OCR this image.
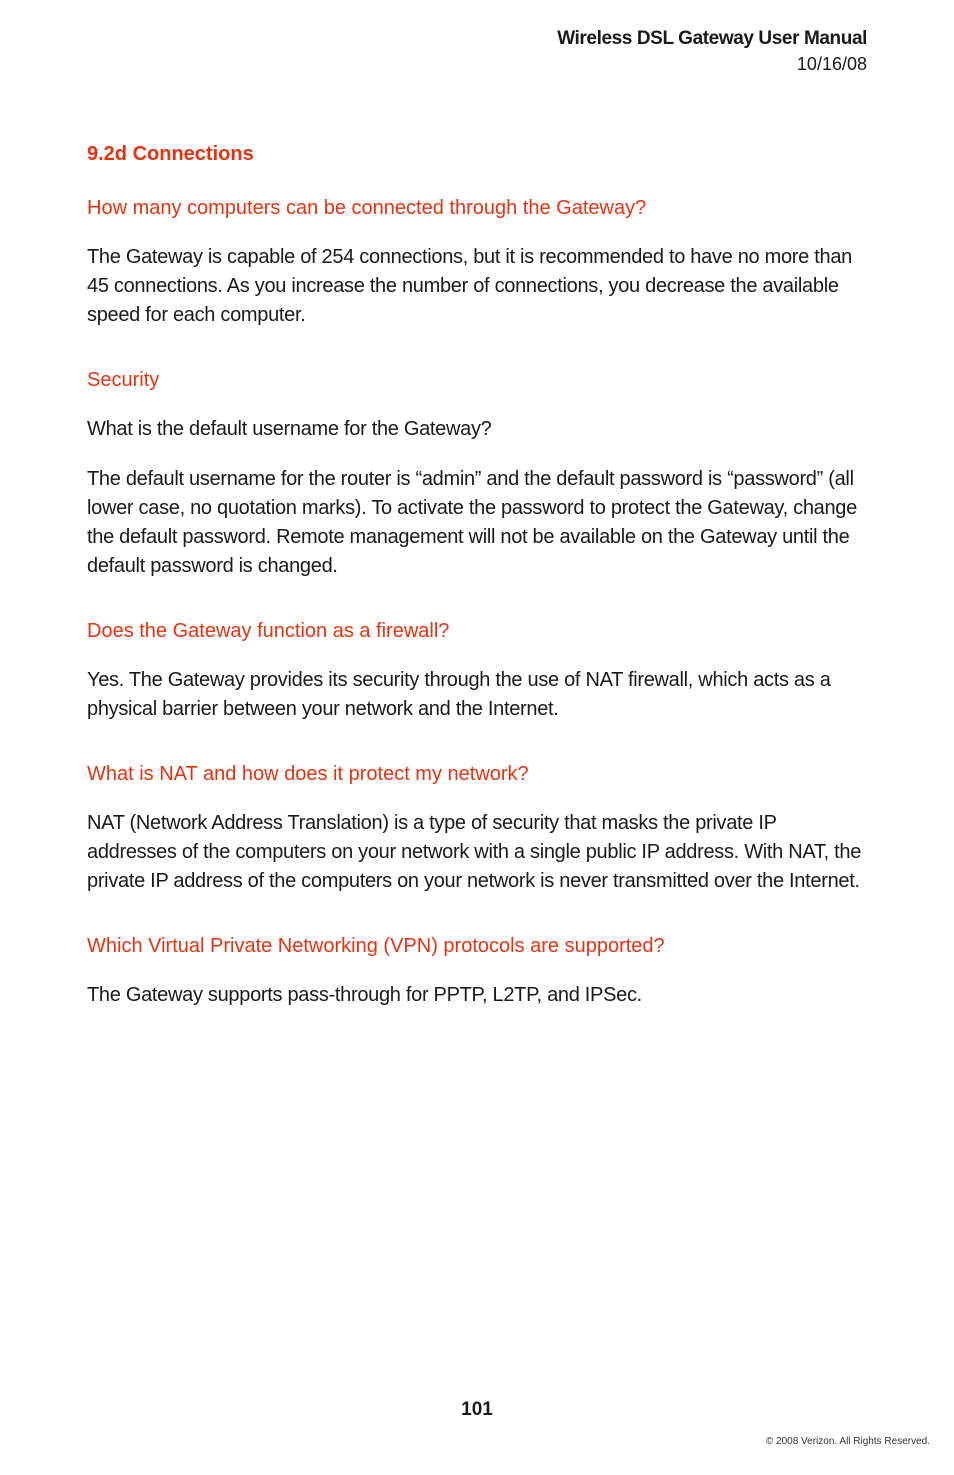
Wireless DSL Gateway User Manual
10/16/08
9.2d Connections
How many computers can be connected through the Gateway?
The Gateway is capable of 254 connections, but it is recommended to have no more than 45 connections. As you increase the number of connections, you decrease the available speed for each computer.
Security
What is the default username for the Gateway?
The default username for the router is “admin” and the default password is “password” (all lower case, no quotation marks). To activate the password to protect the Gateway, change the default password. Remote management will not be available on the Gateway until the default password is changed.
Does the Gateway function as a firewall?
Yes. The Gateway provides its security through the use of NAT firewall, which acts as a physical barrier between your network and the Internet.
What is NAT and how does it protect my network?
NAT (Network Address Translation) is a type of security that masks the private IP addresses of the computers on your network with a single public IP address. With NAT, the private IP address of the computers on your network is never transmitted over the Internet.
Which Virtual Private Networking (VPN) protocols are supported?
The Gateway supports pass-through for PPTP, L2TP, and IPSec.
101
© 2008 Verizon. All Rights Reserved.
